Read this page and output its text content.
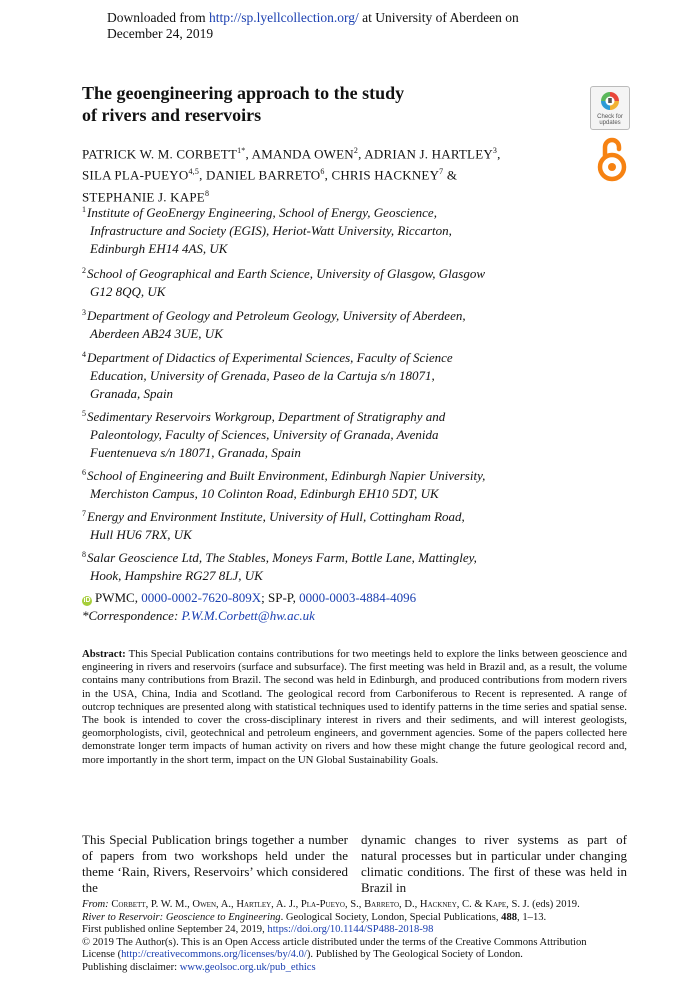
Downloaded from http://sp.lyellcollection.org/ at University of Aberdeen on
December 24, 2019
The geoengineering approach to the study
of rivers and reservoirs	Check for
updates
PATRICK W. M. $CORBETT^{1*}$, AMANDA OWEN$^2$, ADRIAN J. HARTLEY$^3$,
SILA PLA-PUEYO$^{4,5}$, DANIEL BARRETO$^6$, CHRIS HACKNEY$^7$ &
STEPHANIE J. KAPE$^8$
$^1$Institute of GeoEnergy Engineering, School of Energy, Geoscience,
Infrastructure and Society (EGIS), Heriot-Watt University, Riccarton,
Edinburgh EH14 4AS, UK
$^2$School of Geographical and Earth Science, University of Glasgow, Glasgow
G12 8QQ, UK
$^3$Department of Geology and Petroleum Geology, University of Aberdeen,
Aberdeen AB24 3UE, UK
$^4$Department of Didactics of Experimental Sciences, Faculty of Science
Education, University of Grenada, Paseo de la Cartuja s/n 18071,
Granada, Spain
$^5$Sedimentary Reservoirs Workgroup, Department of Stratigraphy and
Paleontology, Faculty of Sciences, University of Granada, Avenida
Fuentenueva s/n 18071, Granada, Spain
$^6$School of Engineering and Built Environment, Edinburgh Napier University,
Merchiston Campus, 10 Colinton Road, Edinburgh EH10 5DT, UK
$^7$Energy and Environment Institute, University of Hull, Cottingham Road,
Hull HU6 7RX, UK
$^8$Salar Geoscience Ltd, The Stables, Moneys Farm, Bottle Lane, Mattingley,
Hook, Hampshire RG27 8LJ, UK
iD PWMC, 0000-0002-7620-809X; SP-P, 0000-0003-4884-4096
*Correspondence: P.W.M.Corbett@hw.ac.uk
Abstract: This Special Publication contains contributions for two meetings held to explore the links between geoscience and engineering in rivers and reservoirs (surface and subsurface). The first meeting was held in Brazil and, as a result, the volume contains many contributions from Brazil. The second was held in Edinburgh, and produced contributions from modern rivers in the USA, China, India and Scotland. The geological record from Carboniferous to Recent is represented. A range of outcrop techniques are presented along with statistical techniques used to identify patterns in the time series and spatial sense. The book is intended to cover the cross-disciplinary interest in rivers and their sediments, and will interest geologists, geomorphologists, civil, geotechnical and petroleum engineers, and government agencies. Some of the papers collected here demonstrate longer term impacts of human activity on rivers and how these might change the future geological record and, more importantly in the short term, impact on the UN Global Sustainability Goals.
This Special Publication brings together a number of papers from two workshops held under the theme ‘Rain, Rivers, Reservoirs’ which considered the
dynamic changes to river systems as part of natural processes but in particular under changing climatic conditions. The first of these was held in Brazil in
From: Corbett, P. W. M., Owen, A., Hartley, A. J., Pla-Pueyo, S., Barreto, D., Hackney, C. & Kape, S. J. (eds) 2019.
River to Reservoir: Geoscience to Engineering. Geological Society, London, Special Publications, 488, 1–13.
First published online September 24, 2019, https://doi.org/10.1144/SP488-2018-98
© 2019 The Author(s). This is an Open Access article distributed under the terms of the Creative Commons Attribution
License (http://creativecommons.org/licenses/by/4.0/). Published by The Geological Society of London.
Publishing disclaimer: www.geolsoc.org.uk/pub_ethics
